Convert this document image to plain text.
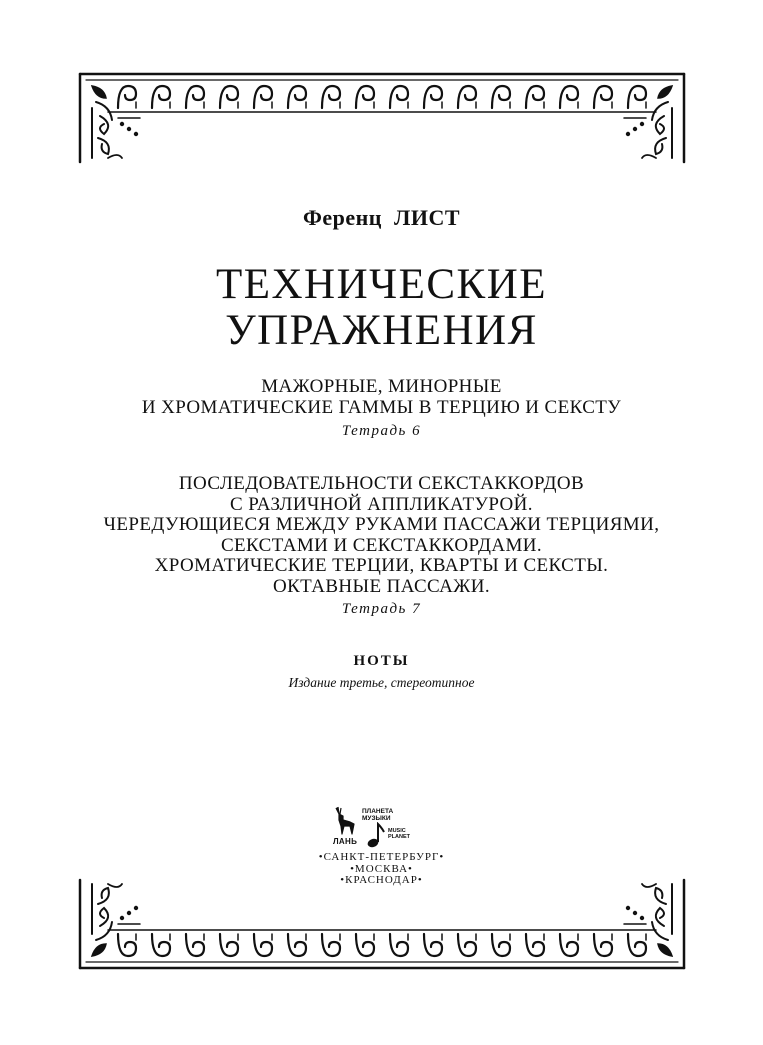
Ференц ЛИСТ
ТЕХНИЧЕСКИЕ
УПРАЖНЕНИЯ
МАЖОРНЫЕ, МИНОРНЫЕ
И ХРОМАТИЧЕСКИЕ ГАММЫ В ТЕРЦИЮ И СЕКСТУ
Тетрадь 6
ПОСЛЕДОВАТЕЛЬНОСТИ СЕКСТАККОРДОВ
С РАЗЛИЧНОЙ АППЛИКАТУРОЙ.
ЧЕРЕДУЮЩИЕСЯ МЕЖДУ РУКАМИ ПАССАЖИ ТЕРЦИЯМИ,
СЕКСТАМИ И СЕКСТАККОРДАМИ.
ХРОМАТИЧЕСКИЕ ТЕРЦИИ, КВАРТЫ И СЕКСТЫ.
ОКТАВНЫЕ ПАССАЖИ.
Тетрадь 7
НОТЫ
Издание третье, стереотипное
ЛАНЬ
ПЛАНЕТА
МУЗЫКИ
MUSIC
PLANET
•САНКТ-ПЕТЕРБУРГ•
•МОСКВА•
•КРАСНОДАР•
